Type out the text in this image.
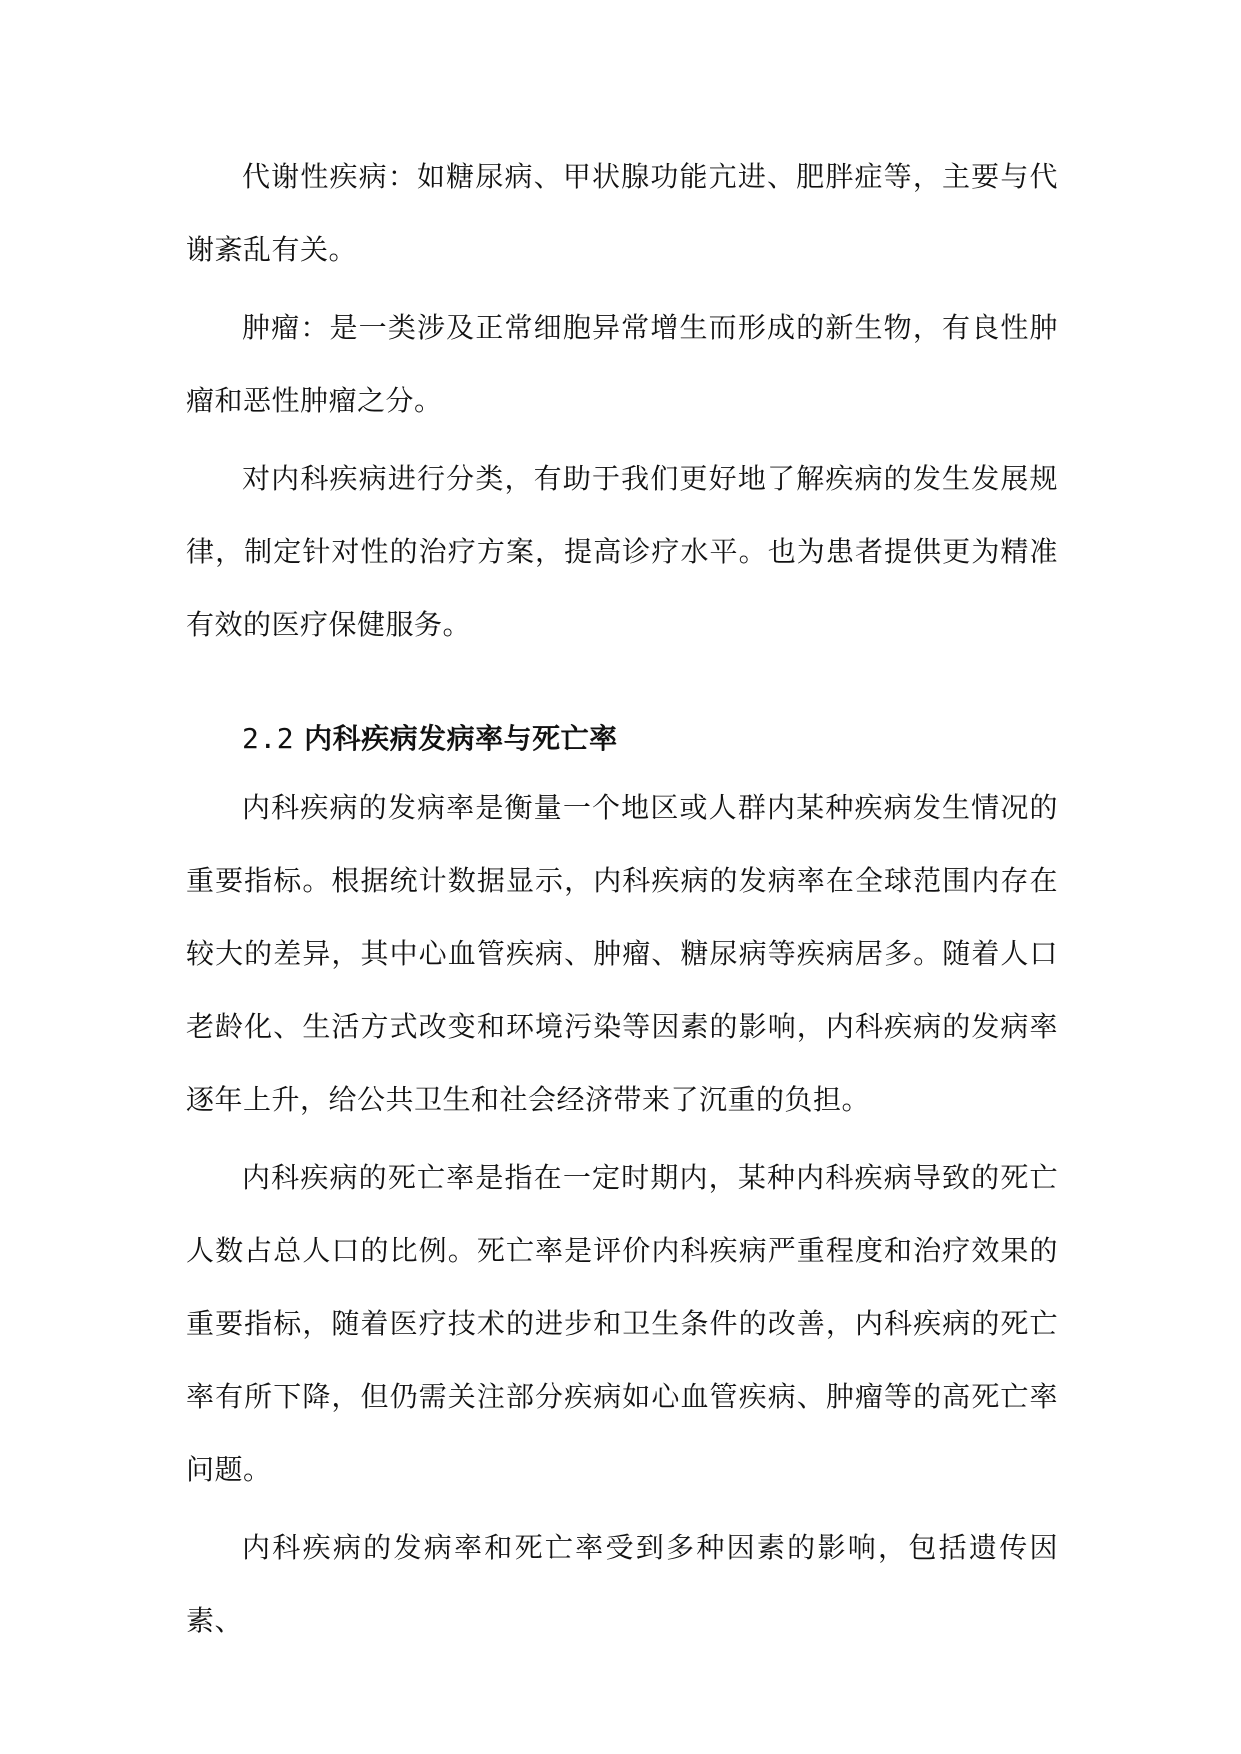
代谢性疾病：如糖尿病、甲状腺功能亢进、肥胖症等，主要与代谢紊乱有关。

肿瘤：是一类涉及正常细胞异常增生而形成的新生物，有良性肿瘤和恶性肿瘤之分。

对内科疾病进行分类，有助于我们更好地了解疾病的发生发展规律，制定针对性的治疗方案，提高诊疗水平。也为患者提供更为精准有效的医疗保健服务。

2.2 内科疾病发病率与死亡率

内科疾病的发病率是衡量一个地区或人群内某种疾病发生情况的重要指标。根据统计数据显示，内科疾病的发病率在全球范围内存在较大的差异，其中心血管疾病、肿瘤、糖尿病等疾病居多。随着人口老龄化、生活方式改变和环境污染等因素的影响，内科疾病的发病率逐年上升，给公共卫生和社会经济带来了沉重的负担。

内科疾病的死亡率是指在一定时期内，某种内科疾病导致的死亡人数占总人口的比例。死亡率是评价内科疾病严重程度和治疗效果的重要指标，随着医疗技术的进步和卫生条件的改善，内科疾病的死亡率有所下降，但仍需关注部分疾病如心血管疾病、肿瘤等的高死亡率问题。

内科疾病的发病率和死亡率受到多种因素的影响，包括遗传因素、
